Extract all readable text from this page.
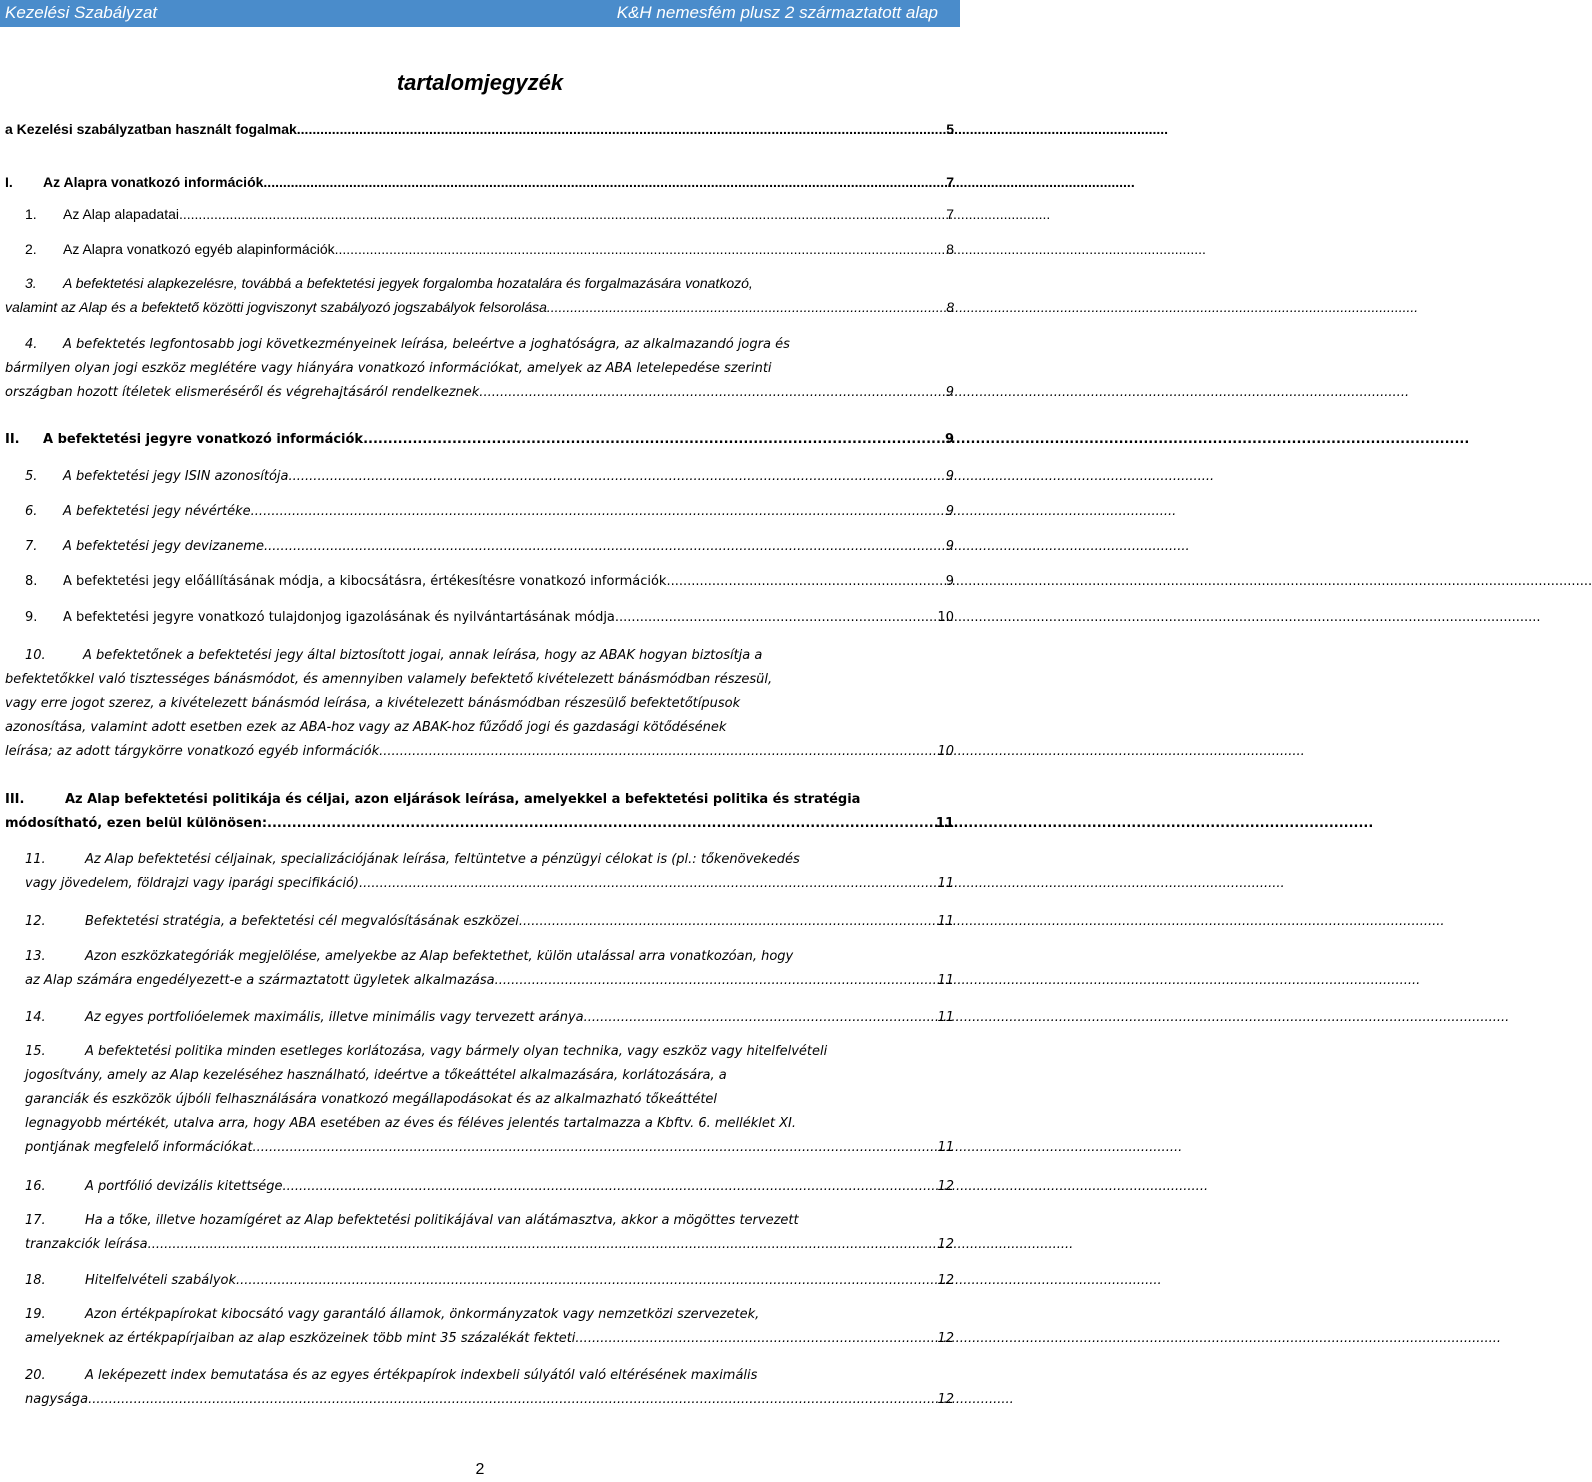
Kezelési Szabályzat	K&H nemesfém plusz 2 származtatott alap
tartalomjegyzék
a Kezelési szabályzatban használt fogalmak .....	5
I. Az Alapra vonatkozó információk .....	7
1. Az Alap alapadatai .....	7
2. Az Alapra vonatkozó egyéb alapinformációk .....	8
3. A befektetési alapkezelésre, továbbá a befektetési jegyek forgalomba hozatalára és forgalmazására vonatkozó,
valamint az Alap és a befektető közötti jogviszonyt szabályozó jogszabályok felsorolása .....	8
4. A befektetés legfontosabb jogi következményeinek leírása, beleértve a joghatóságra, az alkalmazandó jogra és
bármilyen olyan jogi eszköz meglétére vagy hiányára vonatkozó információkat, amelyek az ABA letelepedése szerinti
országban hozott ítéletek elismeréséről és végrehajtásáról rendelkeznek. .....	9
II. A befektetési jegyre vonatkozó információk .....	9
5. A befektetési jegy ISIN azonosítója .....	9
6. A befektetési jegy névértéke .....	9
7. A befektetési jegy devizaneme .....	9
8. A befektetési jegy előállításának módja, a kibocsátásra, értékesítésre vonatkozó információk .....	9
9. A befektetési jegyre vonatkozó tulajdonjog igazolásának és nyilvántartásának módja .....	10
10.	A befektetőnek a befektetési jegy által biztosított jogai, annak leírása, hogy az ABAK hogyan biztosítja a
befektetőkkel való tisztességes bánásmódot, és amennyiben valamely befektető kivételezett bánásmódban részesül,
vagy erre jogot szerez, a kivételezett bánásmód leírása, a kivételezett bánásmódban részesülő befektetőtípusok
azonosítása, valamint adott esetben ezek az ABA-hoz vagy az ABAK-hoz fűződő jogi és gazdasági kötődésének
leírása; az adott tárgykörre vonatkozó egyéb információk .....	10
III.	Az Alap befektetési politikája és céljai, azon eljárások leírása, amelyekkel a befektetési politika és stratégia
módosítható, ezen belül különösen: .....	11
11.	Az Alap befektetési céljainak, specializációjának leírása, feltüntetve a pénzügyi célokat is (pl.: tőkenövekedés
vagy jövedelem, földrajzi vagy iparági specifikáció) .....	11
12.	Befektetési stratégia, a befektetési cél megvalósításának eszközei .....	11
13.	Azon eszközkategóriák megjelölése, amelyekbe az Alap befektethet, külön utalással arra vonatkozóan, hogy
az Alap számára engedélyezett-e a származtatott ügyletek alkalmazása .....	11
14.	Az egyes portfolióelemek maximális, illetve minimális vagy tervezett aránya .....	11
15.	A befektetési politika minden esetleges korlátozása, vagy bármely olyan technika, vagy eszköz vagy hitelfelvételi
jogosítvány, amely az Alap kezeléséhez használható, ideértve a tőkeáttétel alkalmazására, korlátozására, a
garanciák és eszközök újbóli felhasználására vonatkozó megállapodásokat és az alkalmazható tőkeáttétel
legnagyobb mértékét, utalva arra, hogy ABA esetében az éves és féléves jelentés tartalmazza a Kbftv. 6. melléklet XI.
pontjának megfelelő információkat. .....	11
16.	A portfólió devizális kitettsége .....	12
17.	Ha a tőke, illetve hozamígéret az Alap befektetési politikájával van alátámasztva, akkor a mögöttes tervezett
tranzakciók leírása .....	12
18.	Hitelfelvételi szabályok .....	12
19.	Azon értékpapírokat kibocsátó vagy garantáló államok, önkormányzatok vagy nemzetközi szervezetek,
amelyeknek az értékpapírjaiban az alap eszközeinek több mint 35 százalékát fekteti .....	12
20.	A leképezett index bemutatása és az egyes értékpapírok indexbeli súlyától való eltérésének maximális
nagysága .....	12
2
